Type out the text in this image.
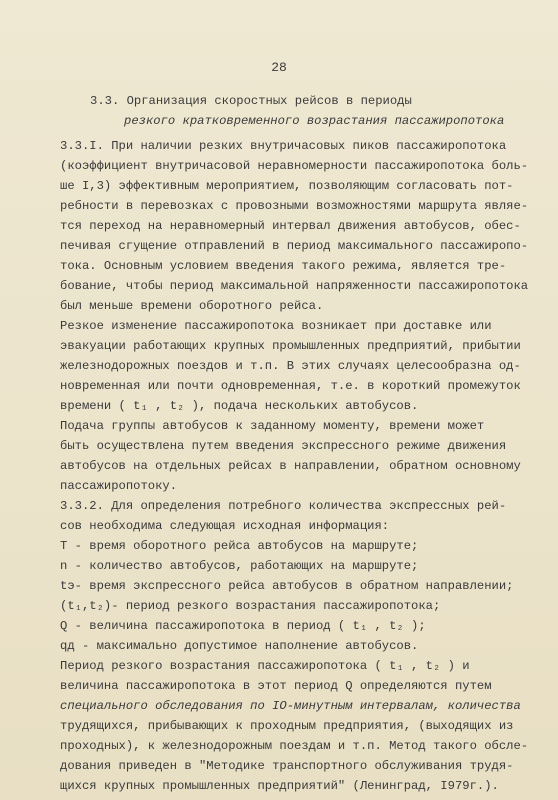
28
3.3. Организация скоростных рейсов в периоды
резкого кратковременного возрастания пассажиропотока
3.3.I. При наличии резких внутричасовых пиков пассажиропотока
(коэффициент внутричасовой неравномерности пассажиропотока боль-
ше I,3) эффективным мероприятием, позволяющим согласовать пот-
ребности в перевозках с провозными возможностями маршрута являе-
тся переход на неравномерный интервал движения автобусов, обес-
печивая сгущение отправлений в период максимального пассажиропо-
тока. Основным условием введения такого режима, является тре-
бование, чтобы период максимальной напряженности пассажиропотока
был меньше времени оборотного рейса.
Резкое изменение пассажиропотока возникает при доставке или
эвакуации работающих крупных промышленных предприятий, прибытии
железнодорожных поездов и т.п. В этих случаях целесообразна од-
новременная или почти одновременная, т.е. в короткий промежуток
времени ( t₁ , t₂ ), подача нескольких автобусов.
Подача группы автобусов к заданному моменту, времени может
быть осуществлена путем введения экспрессного режиме движения
автобусов на отдельных рейсах в направлении, обратном основному
пассажиропотоку.
3.3.2. Для определения потребного количества экспрессных рей-
сов необходима следующая исходная информация:
T - время оборотного рейса автобусов на маршруте;
n - количество автобусов, работающих на маршруте;
tэ- время экспрессного рейса автобусов в обратном направлении;
(t₁,t₂)- период резкого возрастания пассажиропотока;
Q - величина пассажиропотока в период ( t₁ , t₂ );
qд - максимально допустимое наполнение автобусов.
Период резкого возрастания пассажиропотока ( t₁ , t₂ ) и
величина пассажиропотока в этот период Q определяются путем
специального обследования по IO-минутным интервалам, количества
трудящихся, прибывающих к проходным предприятия, (выходящих из
проходных), к железнодорожным поездам и т.п. Метод такого обсле-
дования приведен в "Методике транспортного обслуживания трудя-
щихся крупных промышленных предприятий" (Ленинград, I979г.).
